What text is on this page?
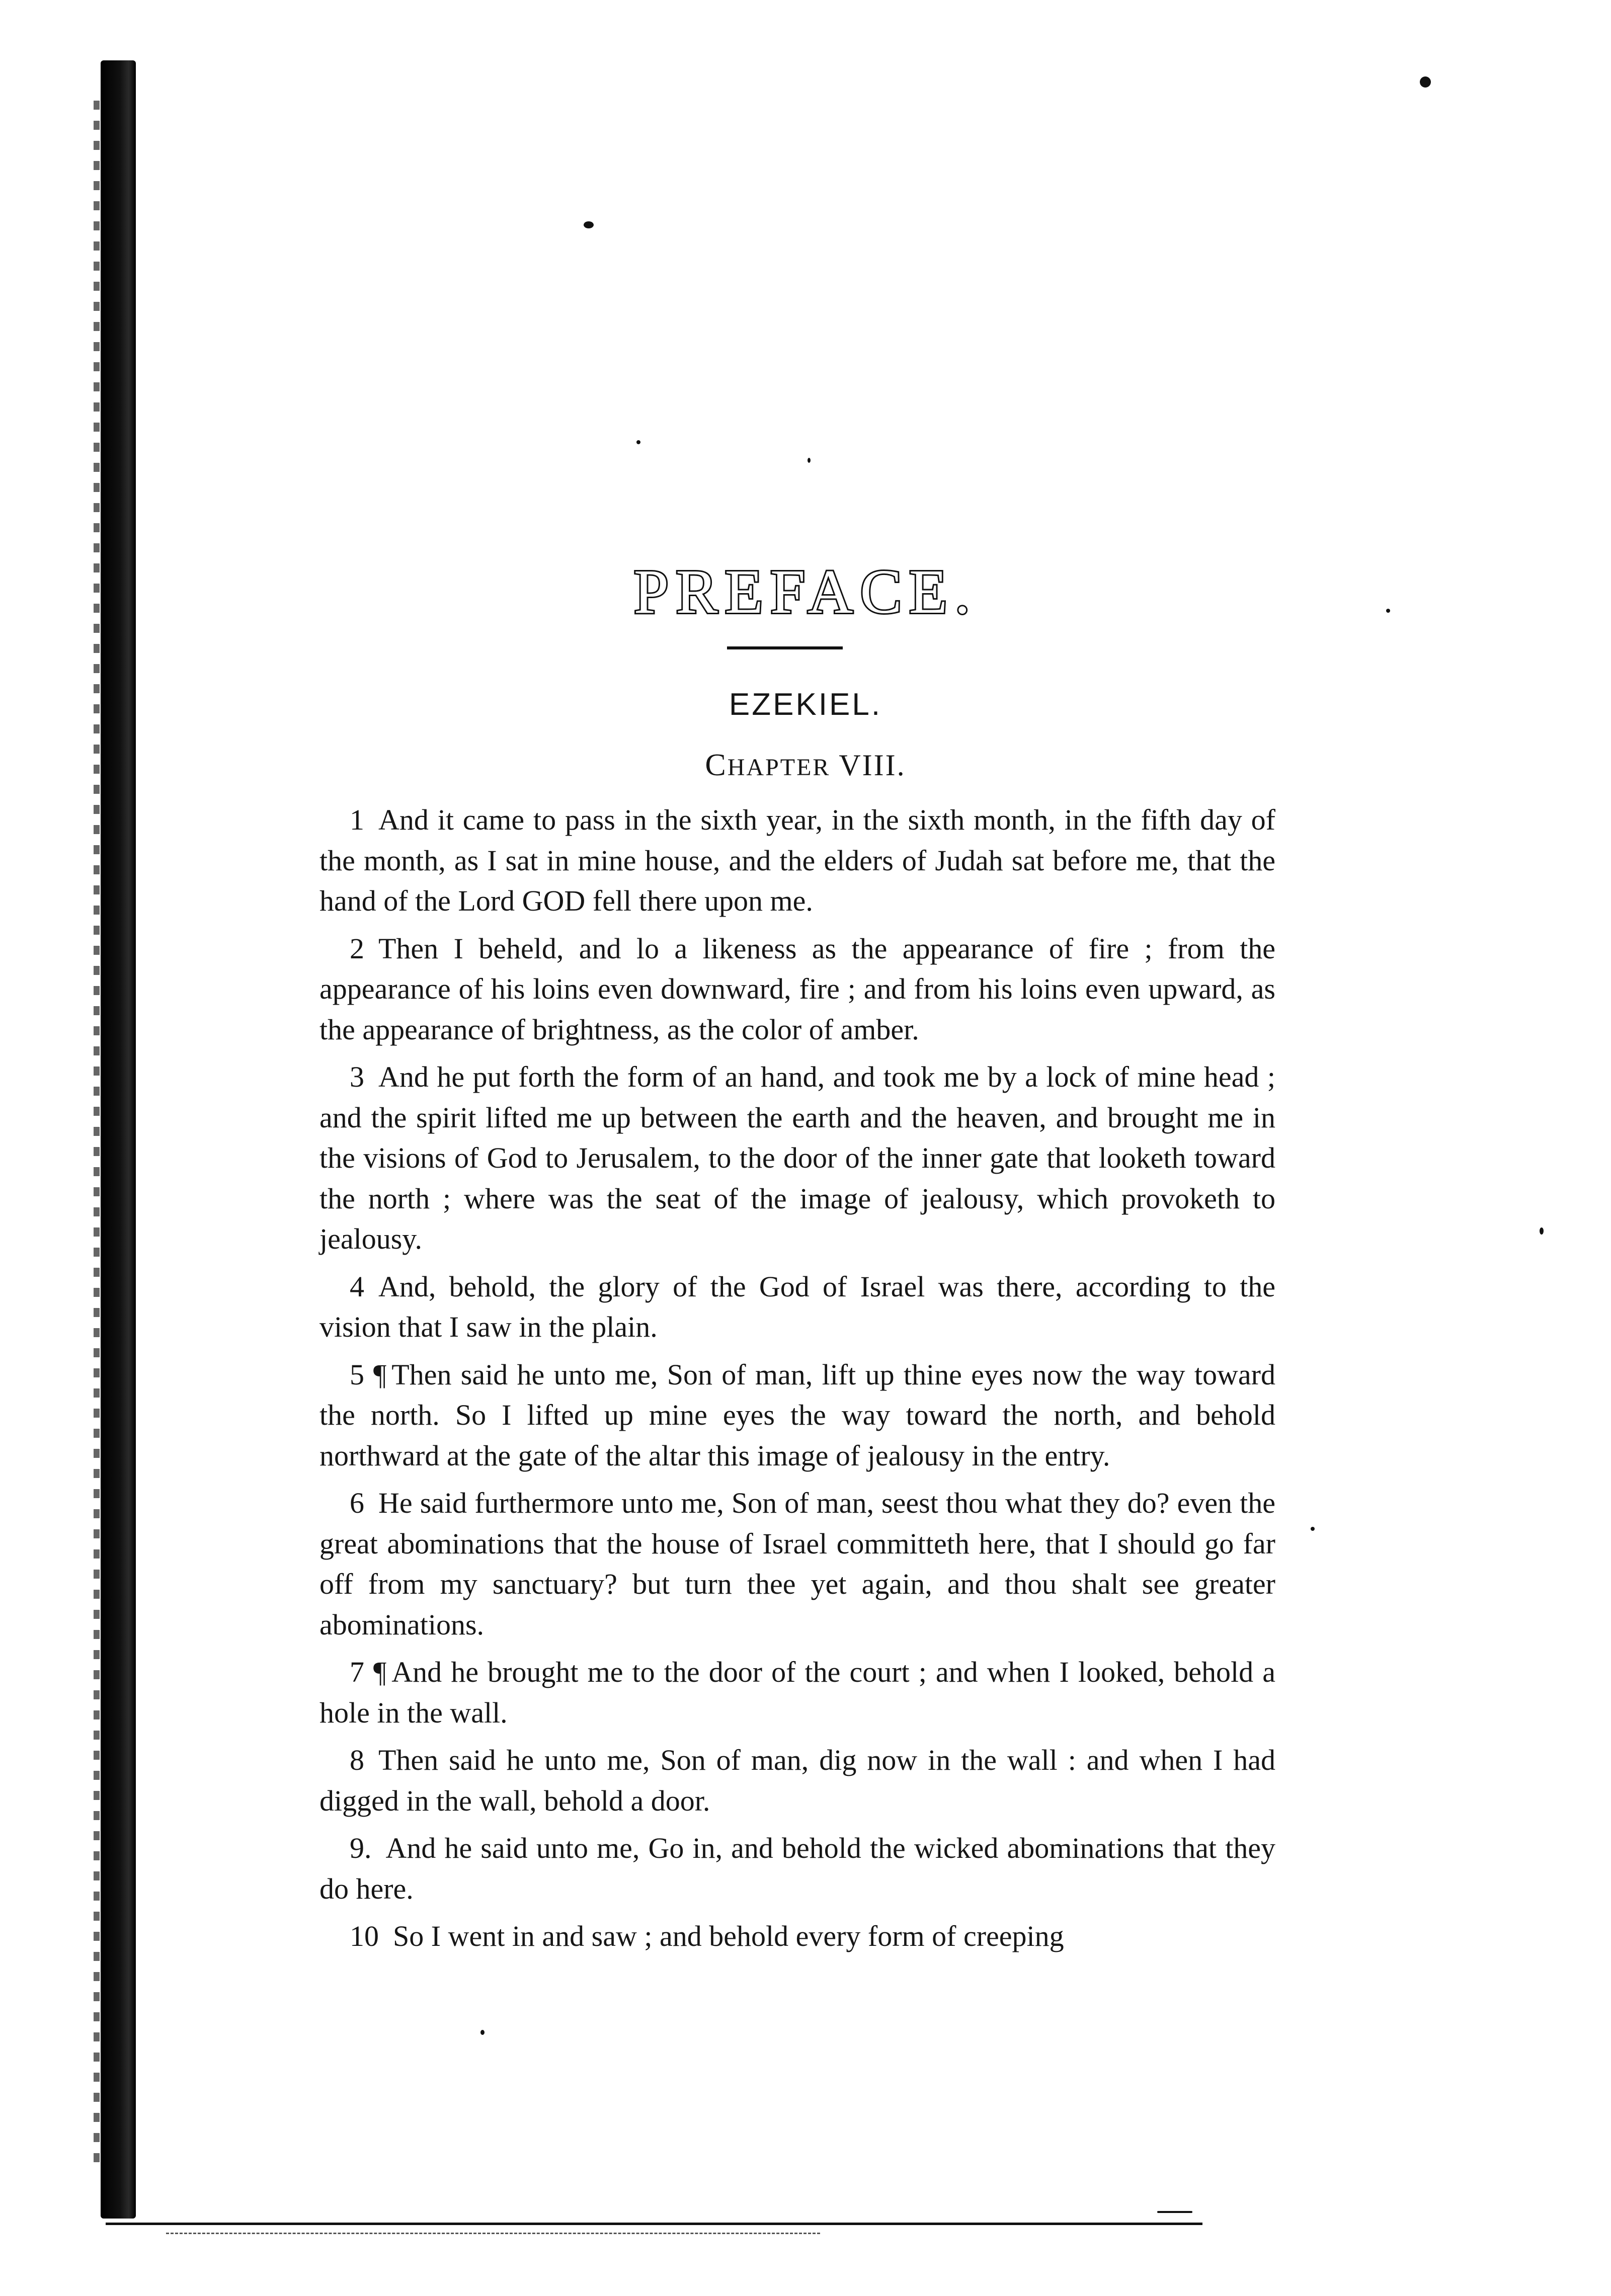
PREFACE.
EZEKIEL.
CHAPTER VIII.

1 And it came to pass in the sixth year, in the sixth month, in the fifth day of the month, as I sat in mine house, and the elders of Judah sat before me, that the hand of the Lord GOD fell there upon me.

2 Then I beheld, and lo a likeness as the appearance of fire ; from the appearance of his loins even downward, fire ; and from his loins even upward, as the appearance of brightness, as the color of amber.

3 And he put forth the form of an hand, and took me by a lock of mine head ; and the spirit lifted me up between the earth and the heaven, and brought me in the visions of God to Jerusalem, to the door of the inner gate that looketh toward the north ; where was the seat of the image of jealousy, which provoketh to jealousy.

4 And, behold, the glory of the God of Israel was there, according to the vision that I saw in the plain.

5 ¶ Then said he unto me, Son of man, lift up thine eyes now the way toward the north. So I lifted up mine eyes the way toward the north, and behold northward at the gate of the altar this image of jealousy in the entry.

6 He said furthermore unto me, Son of man, seest thou what they do? even the great abominations that the house of Israel committeth here, that I should go far off from my sanctuary? but turn thee yet again, and thou shalt see greater abominations.

7 ¶ And he brought me to the door of the court ; and when I looked, behold a hole in the wall.

8 Then said he unto me, Son of man, dig now in the wall : and when I had digged in the wall, behold a door.

9. And he said unto me, Go in, and behold the wicked abominations that they do here.

10 So I went in and saw ; and behold every form of creeping
